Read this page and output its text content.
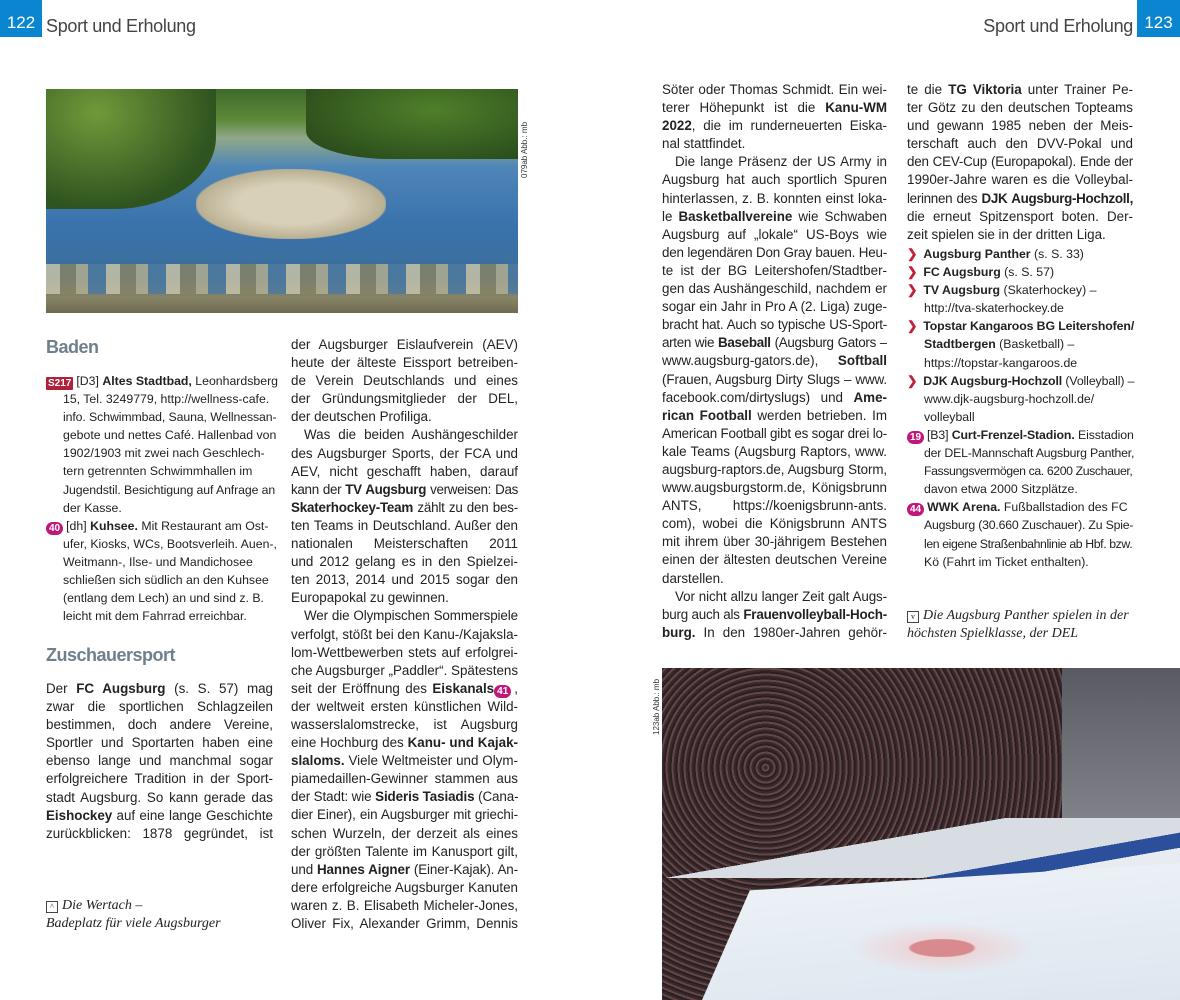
122 Sport und Erholung	Sport und Erholung 123
079ab Abb.: mb
Baden
S217 [D3] Altes Stadtbad, Leonhardsberg
15, Tel. 3249779, http://wellness-cafe.
info. Schwimmbad, Sauna, Wellnessan-
gebote und nettes Café. Hallenbad von
1902/1903 mit zwei nach Geschlech-
tern getrennten Schwimmhallen im
Jugendstil. Besichtigung auf Anfrage an
der Kasse.
40 [dh] Kuhsee. Mit Restaurant am Ost-
ufer, Kiosks, WCs, Bootsverleih. Auen-,
Weitmann-, Ilse- und Mandichosee
schließen sich südlich an den Kuhsee
(entlang dem Lech) an und sind z. B.
leicht mit dem Fahrrad erreichbar.
Zuschauersport
Der FC Augsburg (s. S. 57) mag
zwar die sportlichen Schlagzeilen
bestimmen, doch andere Vereine,
Sportler und Sportarten haben eine
ebenso lange und manchmal sogar
erfolgreichere Tradition in der Sport-
stadt Augsburg. So kann gerade das
Eishockey auf eine lange Geschichte
zurückblicken: 1878 gegründet, ist
^ Die Wertach –
Badeplatz für viele Augsburger
der Augsburger Eislaufverein (AEV)
heute der älteste Eissport betreiben-
de Verein Deutschlands und eines
der Gründungsmitglieder der DEL,
der deutschen Profiliga.
Was die beiden Aushängeschilder
des Augsburger Sports, der FCA und
AEV, nicht geschafft haben, darauf
kann der TV Augsburg verweisen: Das
Skaterhockey-Team zählt zu den bes-
ten Teams in Deutschland. Außer den
nationalen Meisterschaften 2011
und 2012 gelang es in den Spielzei-
ten 2013, 2014 und 2015 sogar den
Europapokal zu gewinnen.
Wer die Olympischen Sommerspiele
verfolgt, stößt bei den Kanu-/Kajaksla-
lom-Wettbewerben stets auf erfolgrei-
che Augsburger „Paddler“. Spätestens
seit der Eröffnung des Eiskanals 41 ,
der weltweit ersten künstlichen Wild-
wasserslalomstrecke, ist Augsburg
eine Hochburg des Kanu- und Kajak-
slaloms. Viele Weltmeister und Olym-
piamedaillen-Gewinner stammen aus
der Stadt: wie Sideris Tasiadis (Cana-
dier Einer), ein Augsburger mit griechi-
schen Wurzeln, der derzeit als eines
der größten Talente im Kanusport gilt,
und Hannes Aigner (Einer-Kajak). An-
dere erfolgreiche Augsburger Kanuten
waren z. B. Elisabeth Micheler-Jones,
Oliver Fix, Alexander Grimm, Dennis
Söter oder Thomas Schmidt. Ein wei-
terer Höhepunkt ist die Kanu-WM
2022, die im runderneuerten Eiska-
nal stattfindet.
Die lange Präsenz der US Army in
Augsburg hat auch sportlich Spuren
hinterlassen, z. B. konnten einst loka-
le Basketballvereine wie Schwaben
Augsburg auf „lokale“ US-Boys wie
den legendären Don Gray bauen. Heu-
te ist der BG Leitershofen/Stadtber-
gen das Aushängeschild, nachdem er
sogar ein Jahr in Pro A (2. Liga) zuge-
bracht hat. Auch so typische US-Sport-
arten wie Baseball (Augsburg Gators –
www.augsburg-gators.de), Softball
(Frauen, Augsburg Dirty Slugs – www.
facebook.com/dirtyslugs) und Ame-
rican Football werden betrieben. Im
American Football gibt es sogar drei lo-
kale Teams (Augsburg Raptors, www.
augsburg-raptors.de, Augsburg Storm,
www.augsburgstorm.de, Königsbrunn
ANTS, https://koenigsbrunn-ants.
com), wobei die Königsbrunn ANTS
mit ihrem über 30-jährigem Bestehen
einen der ältesten deutschen Vereine
darstellen.
Vor nicht allzu langer Zeit galt Augs-
burg auch als Frauenvolleyball-Hoch-
burg. In den 1980er-Jahren gehör-
te die TG Viktoria unter Trainer Pe-
ter Götz zu den deutschen Topteams
und gewann 1985 neben der Meis-
terschaft auch den DVV-Pokal und
den CEV-Cup (Europapokal). Ende der
1990er-Jahre waren es die Volleybal-
lerinnen des DJK Augsburg-Hochzoll,
die erneut Spitzensport boten. Der-
zeit spielen sie in der dritten Liga.
❯ Augsburg Panther (s. S. 33)
❯ FC Augsburg (s. S. 57)
❯ TV Augsburg (Skaterhockey) –
http://tva-skaterhockey.de
❯ Topstar Kangaroos BG Leitershofen/
Stadtbergen (Basketball) –
https://topstar-kangaroos.de
❯ DJK Augsburg-Hochzoll (Volleyball) –
www.djk-augsburg-hochzoll.de/
volleyball
19 [B3] Curt-Frenzel-Stadion. Eisstadion
der DEL-Mannschaft Augsburg Panther,
Fassungsvermögen ca. 6200 Zuschauer,
davon etwa 2000 Sitzplätze.
44 WWK Arena. Fußballstadion des FC
Augsburg (30.660 Zuschauer). Zu Spie-
len eigene Straßenbahnlinie ab Hbf. bzw.
Kö (Fahrt im Ticket enthalten).
v Die Augsburg Panther spielen in der
höchsten Spielklasse, der DEL
123ab Abb.: mb
